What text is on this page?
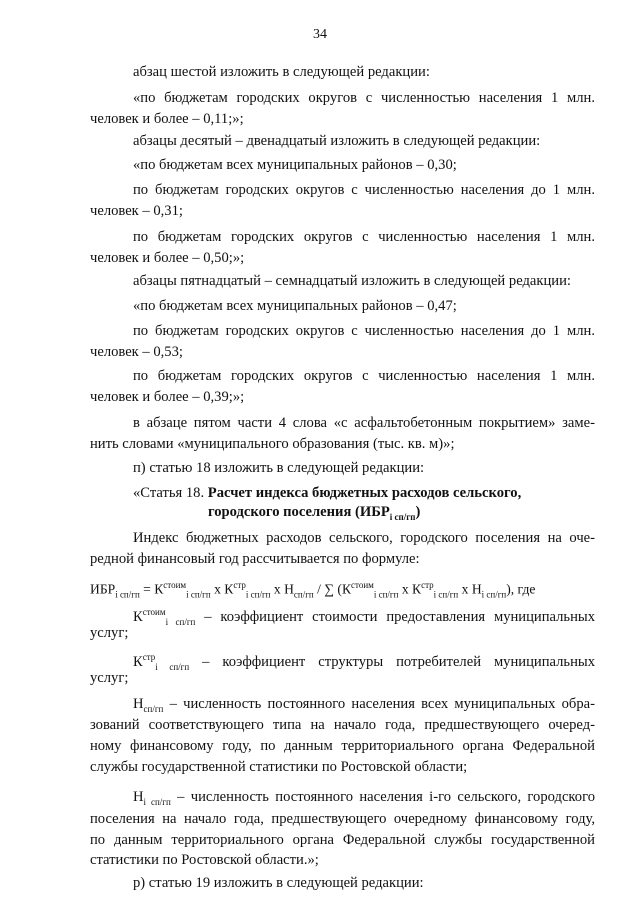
34

абзац шестой изложить в следующей редакции:

«по бюджетам городских округов с численностью населения 1 млн.

человек и более – 0,11;»;

абзацы десятый – двенадцатый изложить в следующей редакции:

«по бюджетам всех муниципальных районов – 0,30;

по бюджетам городских округов с численностью населения до 1 млн.

человек – 0,31;

по бюджетам городских округов с численностью населения 1 млн.

человек и более – 0,50;»;

абзацы пятнадцатый – семнадцатый изложить в следующей редакции:

«по бюджетам всех муниципальных районов – 0,47;

по бюджетам городских округов с численностью населения до 1 млн.

человек – 0,53;

по бюджетам городских округов с численностью населения 1 млн.

человек и более – 0,39;»;

в абзаце пятом части 4 слова «с асфальтобетонным покрытием» заме-

нить словами «муниципального образования (тыс. кв. м)»;

п) статью 18 изложить в следующей редакции:

«Статья 18. Расчет индекса бюджетных расходов сельского,

городского поселения $(ИБР_{i сп/гп})$

Индекс бюджетных расходов сельского, городского поселения на оче-

редной финансовый год рассчитывается по формуле:

$ИБР_{i сп/гп} = К^{стоим}_{i сп/гп}$ х $К^{стр}_{i сп/гп}$ х $Н_{сп/гп}$ / ∑ ($К^{стоим}_{i сп/гп}$ х $К^{стр}_{i сп/гп}$ х $Н_{i сп/гп}$), где

$К^{стоим}_{i сп/гп}$ – коэффициент стоимости предоставления муниципальных

услуг;

$К^{стр}_{i сп/гп}$ – коэффициент структуры потребителей муниципальных

услуг;

$Н_{сп/гп}$ – численность постоянного населения всех муниципальных обра-

зований соответствующего типа на начало года, предшествующего очеред-

ному финансовому году, по данным территориального органа Федеральной

службы государственной статистики по Ростовской области;

$Н_{i сп/гп}$ – численность постоянного населения i-го сельского, городского

поселения на начало года, предшествующего очередному финансовому году,

по данным территориального органа Федеральной службы государственной

статистики по Ростовской области.»;

р) статью 19 изложить в следующей редакции:
